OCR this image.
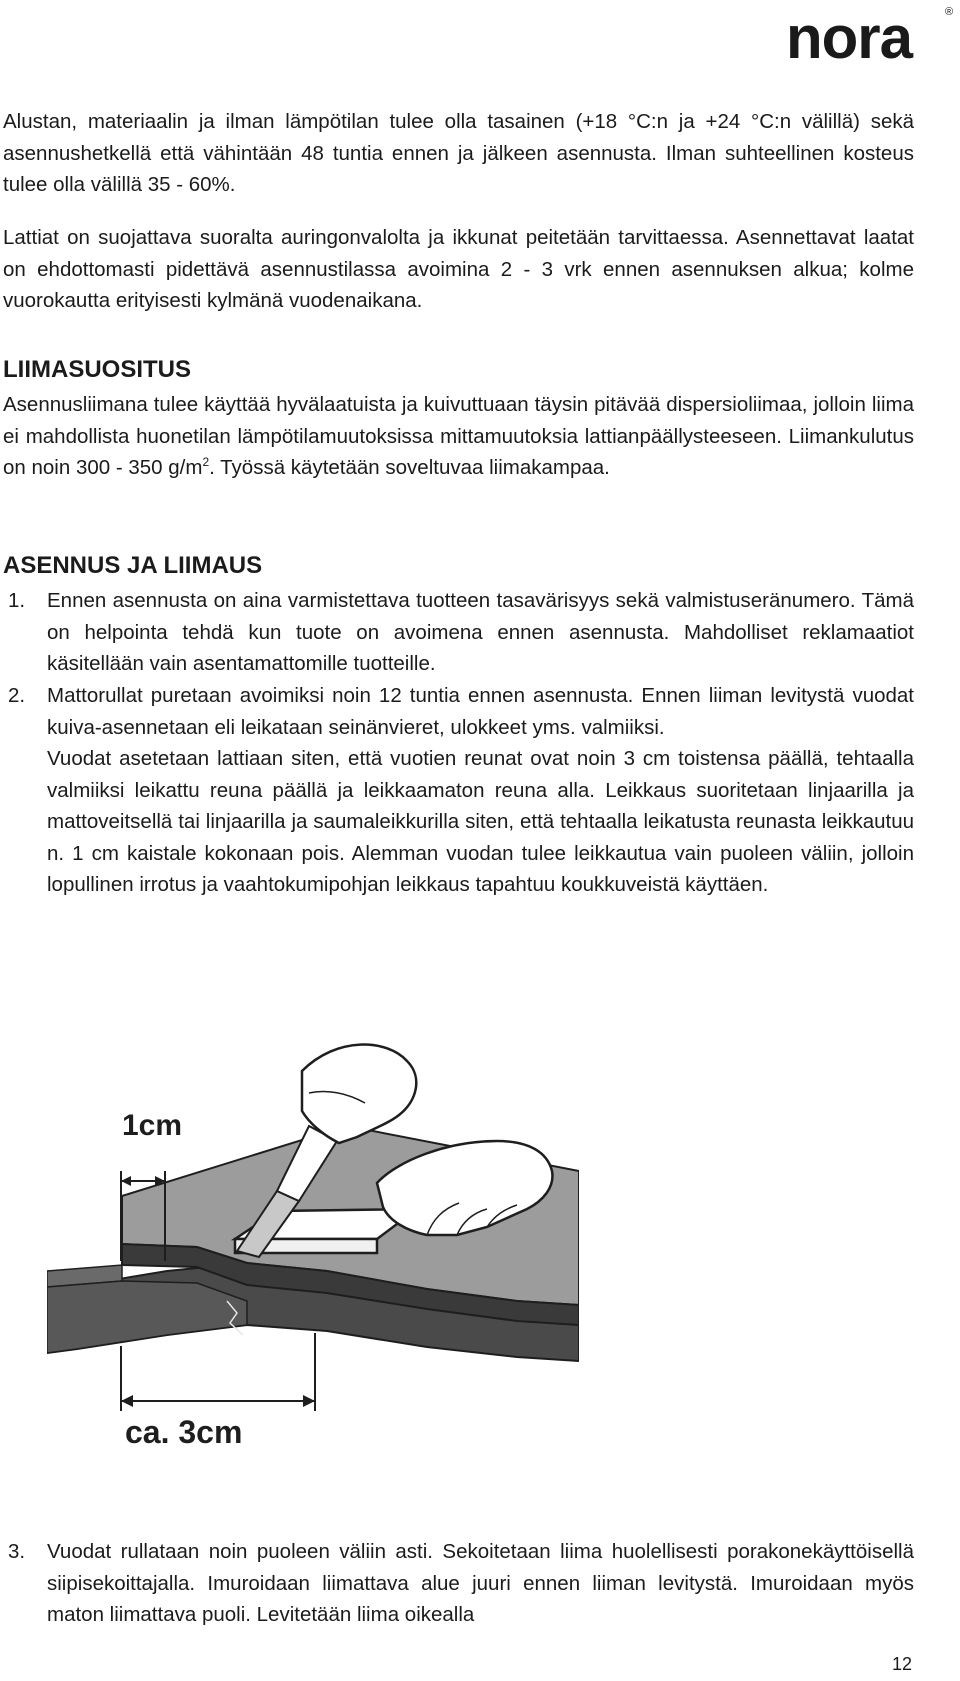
nora	®

Alustan, materiaalin ja ilman lämpötilan tulee olla tasainen (+18 °C:n ja +24 °C:n välillä) sekä asennushetkellä että vähintään 48 tuntia ennen ja jälkeen asennusta. Ilman suhteellinen kosteus tulee olla välillä 35 - 60%.

Lattiat on suojattava suoralta auringonvalolta ja ikkunat peitetään tarvittaessa. Asennettavat laatat on ehdottomasti pidettävä asennustilassa avoimina 2 - 3 vrk ennen asennuksen alkua; kolme vuorokautta erityisesti kylmänä vuodenaikana.

LIIMASUOSITUS

Asennusliimana tulee käyttää hyvälaatuista ja kuivuttuaan täysin pitävää dispersioliimaa, jolloin liima ei mahdollista huonetilan lämpötilamuutoksissa mittamuutoksia lattianpäällysteeseen. Liimankulutus on noin 300 - 350 $g/m^2$. Työssä käytetään soveltuvaa liimakampaa.

ASENNUS JA LIIMAUS
1. Ennen asennusta on aina varmistettava tuotteen tasavärisyys sekä valmistuseränumero. Tämä on helpointa tehdä kun tuote on avoimena ennen asennusta. Mahdolliset reklamaatiot käsitellään vain asentamattomille tuotteille.
2. Mattorullat puretaan avoimiksi noin 12 tuntia ennen asennusta. Ennen liiman levitystä vuodat kuiva-asennetaan eli leikataan seinänvieret, ulokkeet yms. valmiiksi.
Vuodat asetetaan lattiaan siten, että vuotien reunat ovat noin 3 cm toistensa päällä, tehtaalla valmiiksi leikattu reuna päällä ja leikkaamaton reuna alla. Leikkaus suoritetaan linjaarilla ja mattoveitsellä tai linjaarilla ja saumaleikkurilla siten, että tehtaalla leikatusta reunasta leikkautuu n. 1 cm kaistale kokonaan pois. Alemman vuodan tulee leikkautua vain puoleen väliin, jolloin lopullinen irrotus ja vaahtokumipohjan leikkaus tapahtuu koukkuveistä käyttäen.
1cm
ca. 3cm
3. Vuodat rullataan noin puoleen väliin asti. Sekoitetaan liima huolellisesti porakonekäyttöisellä siipisekoittajalla. Imuroidaan liimattava alue juuri ennen liiman levitystä. Imuroidaan myös maton liimattava puoli. Levitetään liima oikealla
12
